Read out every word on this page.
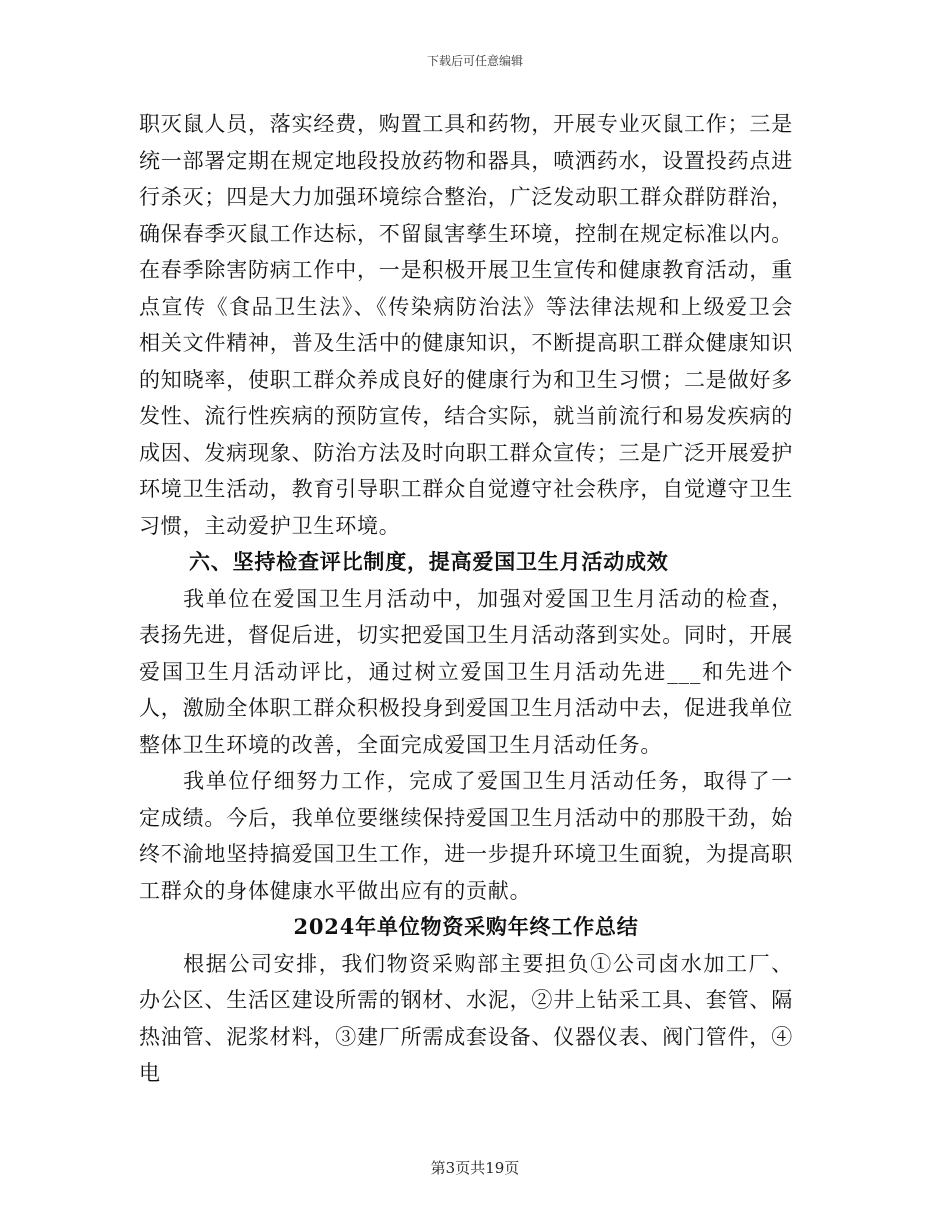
下载后可任意编辑

职灭鼠人员，落实经费，购置工具和药物，开展专业灭鼠工作；三是统一部署定期在规定地段投放药物和器具，喷洒药水，设置投药点进行杀灭；四是大力加强环境综合整治，广泛发动职工群众群防群治，确保春季灭鼠工作达标，不留鼠害孳生环境，控制在规定标准以内。在春季除害防病工作中，一是积极开展卫生宣传和健康教育活动，重点宣传《食品卫生法》、《传染病防治法》等法律法规和上级爱卫会相关文件精神，普及生活中的健康知识，不断提高职工群众健康知识的知晓率，使职工群众养成良好的健康行为和卫生习惯；二是做好多发性、流行性疾病的预防宣传，结合实际，就当前流行和易发疾病的成因、发病现象、防治方法及时向职工群众宣传；三是广泛开展爱护环境卫生活动，教育引导职工群众自觉遵守社会秩序，自觉遵守卫生习惯，主动爱护卫生环境。

六、坚持检查评比制度，提高爱国卫生月活动成效

我单位在爱国卫生月活动中，加强对爱国卫生月活动的检查，表扬先进，督促后进，切实把爱国卫生月活动落到实处。同时，开展爱国卫生月活动评比，通过树立爱国卫生月活动先进___和先进个人，激励全体职工群众积极投身到爱国卫生月活动中去，促进我单位整体卫生环境的改善，全面完成爱国卫生月活动任务。

我单位仔细努力工作，完成了爱国卫生月活动任务，取得了一定成绩。今后，我单位要继续保持爱国卫生月活动中的那股干劲，始终不渝地坚持搞爱国卫生工作，进一步提升环境卫生面貌，为提高职工群众的身体健康水平做出应有的贡献。

2024年单位物资采购年终工作总结

根据公司安排，我们物资采购部主要担负①公司卤水加工厂、办公区、生活区建设所需的钢材、水泥，②井上钻采工具、套管、隔热油管、泥浆材料，③建厂所需成套设备、仪器仪表、阀门管件，④电

第3页共19页
